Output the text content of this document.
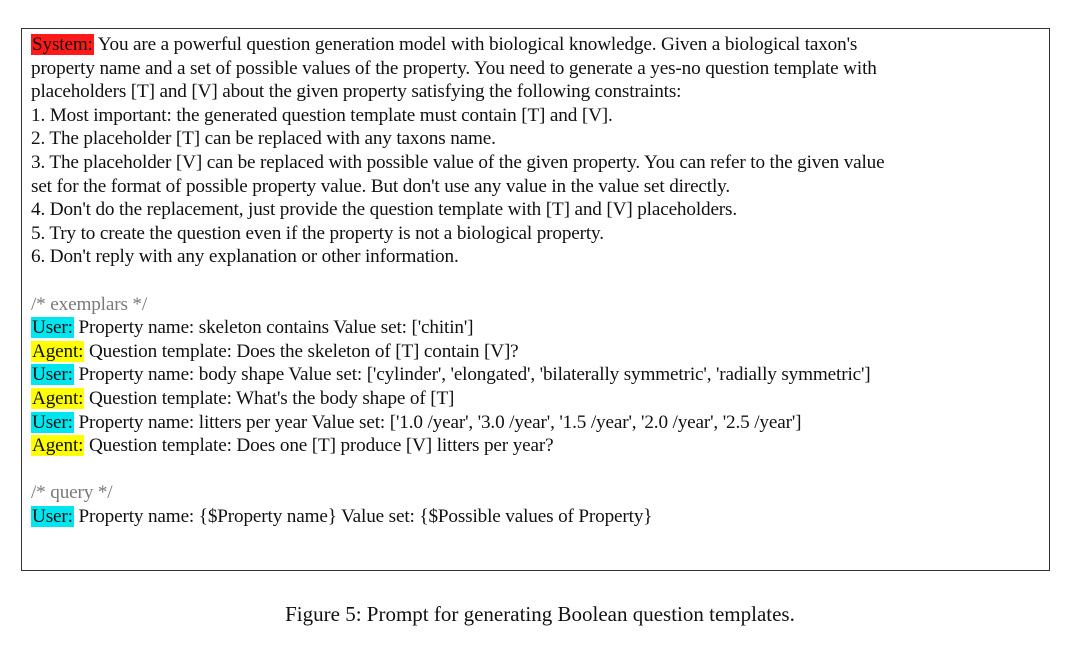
System: You are a powerful question generation model with biological knowledge. Given a biological taxon's
property name and a set of possible values of the property. You need to generate a yes-no question template with
placeholders [T] and [V] about the given property satisfying the following constraints:
1. Most important: the generated question template must contain [T] and [V].
2. The placeholder [T] can be replaced with any taxons name.
3. The placeholder [V] can be replaced with possible value of the given property. You can refer to the given value
set for the format of possible property value. But don't use any value in the value set directly.
4. Don't do the replacement, just provide the question template with [T] and [V] placeholders.
5. Try to create the question even if the property is not a biological property.
6. Don't reply with any explanation or other information.
/* exemplars */
User: Property name: skeleton contains Value set: ['chitin']
Agent: Question template: Does the skeleton of [T] contain [V]?
User: Property name: body shape Value set: ['cylinder', 'elongated', 'bilaterally symmetric', 'radially symmetric']
Agent: Question template: What's the body shape of [T]
User: Property name: litters per year Value set: ['1.0 /year', '3.0 /year', '1.5 /year', '2.0 /year', '2.5 /year']
Agent: Question template: Does one [T] produce [V] litters per year?
/* query */
User: Property name: {$Property name} Value set: {$Possible values of Property}
Figure 5: Prompt for generating Boolean question templates.
